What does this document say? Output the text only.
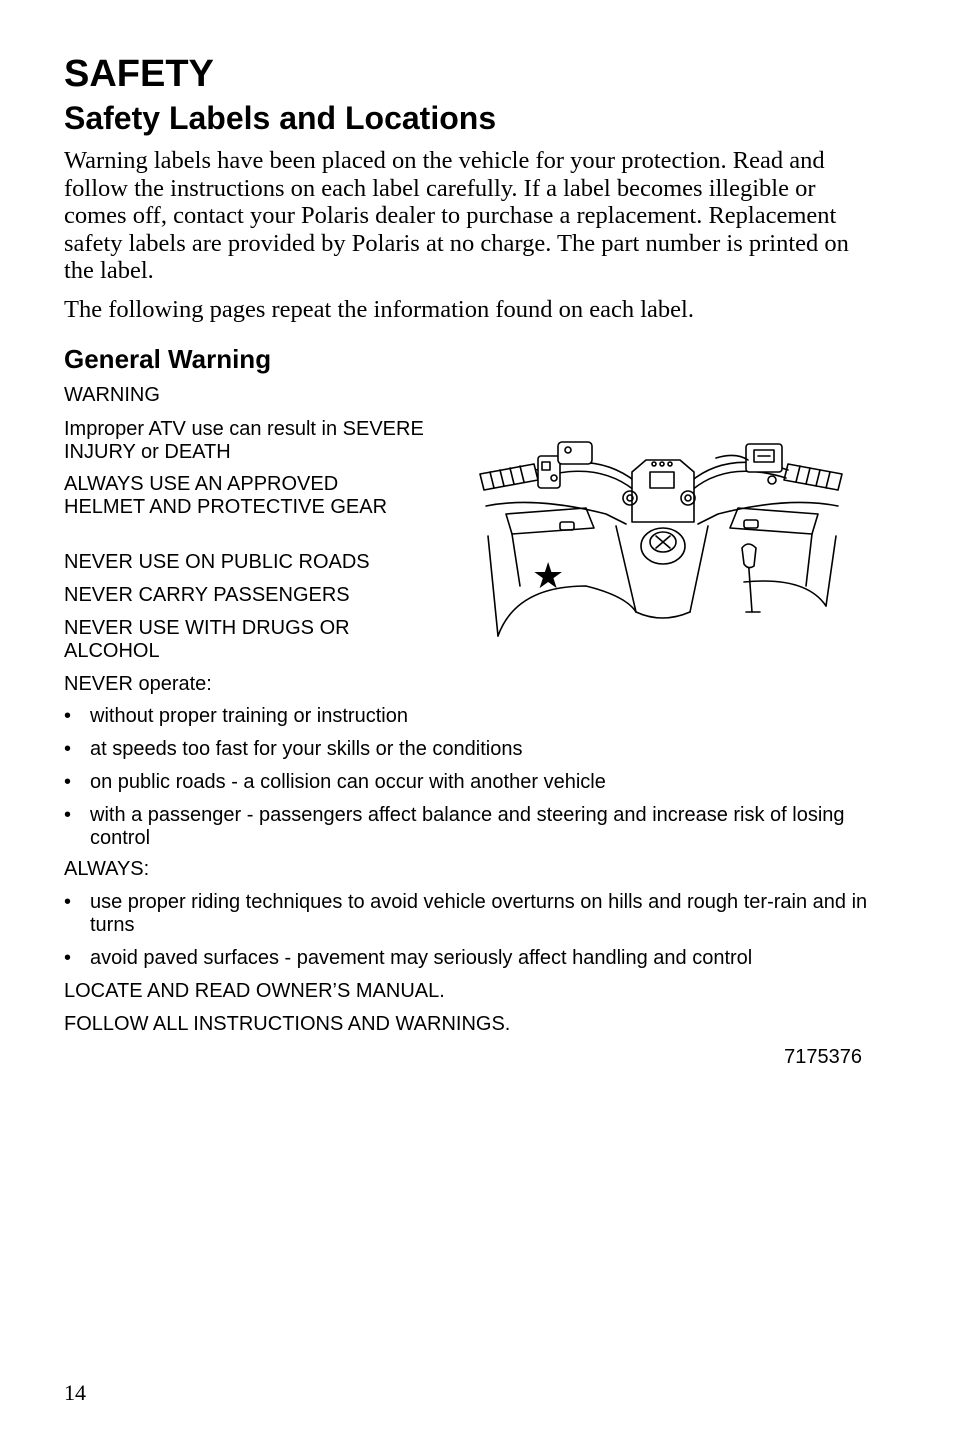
SAFETY
Safety Labels and Locations

Warning labels have been placed on the vehicle for your protection. Read and follow the instructions on each label carefully. If a label becomes illegible or comes off, contact your Polaris dealer to purchase a replacement. Replacement safety labels are provided by Polaris at no charge. The part number is printed on the label.

The following pages repeat the information found on each label.

General Warning

WARNING

Improper ATV use can result in SEVERE INJURY or DEATH

ALWAYS USE AN APPROVED HELMET AND PROTECTIVE GEAR

NEVER USE ON PUBLIC ROADS

NEVER CARRY PASSENGERS

NEVER USE WITH DRUGS OR ALCOHOL

NEVER operate:

• without proper training or instruction
• at speeds too fast for your skills or the conditions
• on public roads - a collision can occur with another vehicle
• with a passenger - passengers affect balance and steering and increase risk of losing control

ALWAYS:

• use proper riding techniques to avoid vehicle overturns on hills and rough ter-rain and in turns
• avoid paved surfaces - pavement may seriously affect handling and control

LOCATE AND READ OWNER’S MANUAL.

FOLLOW ALL INSTRUCTIONS AND WARNINGS.

7175376
★
14
